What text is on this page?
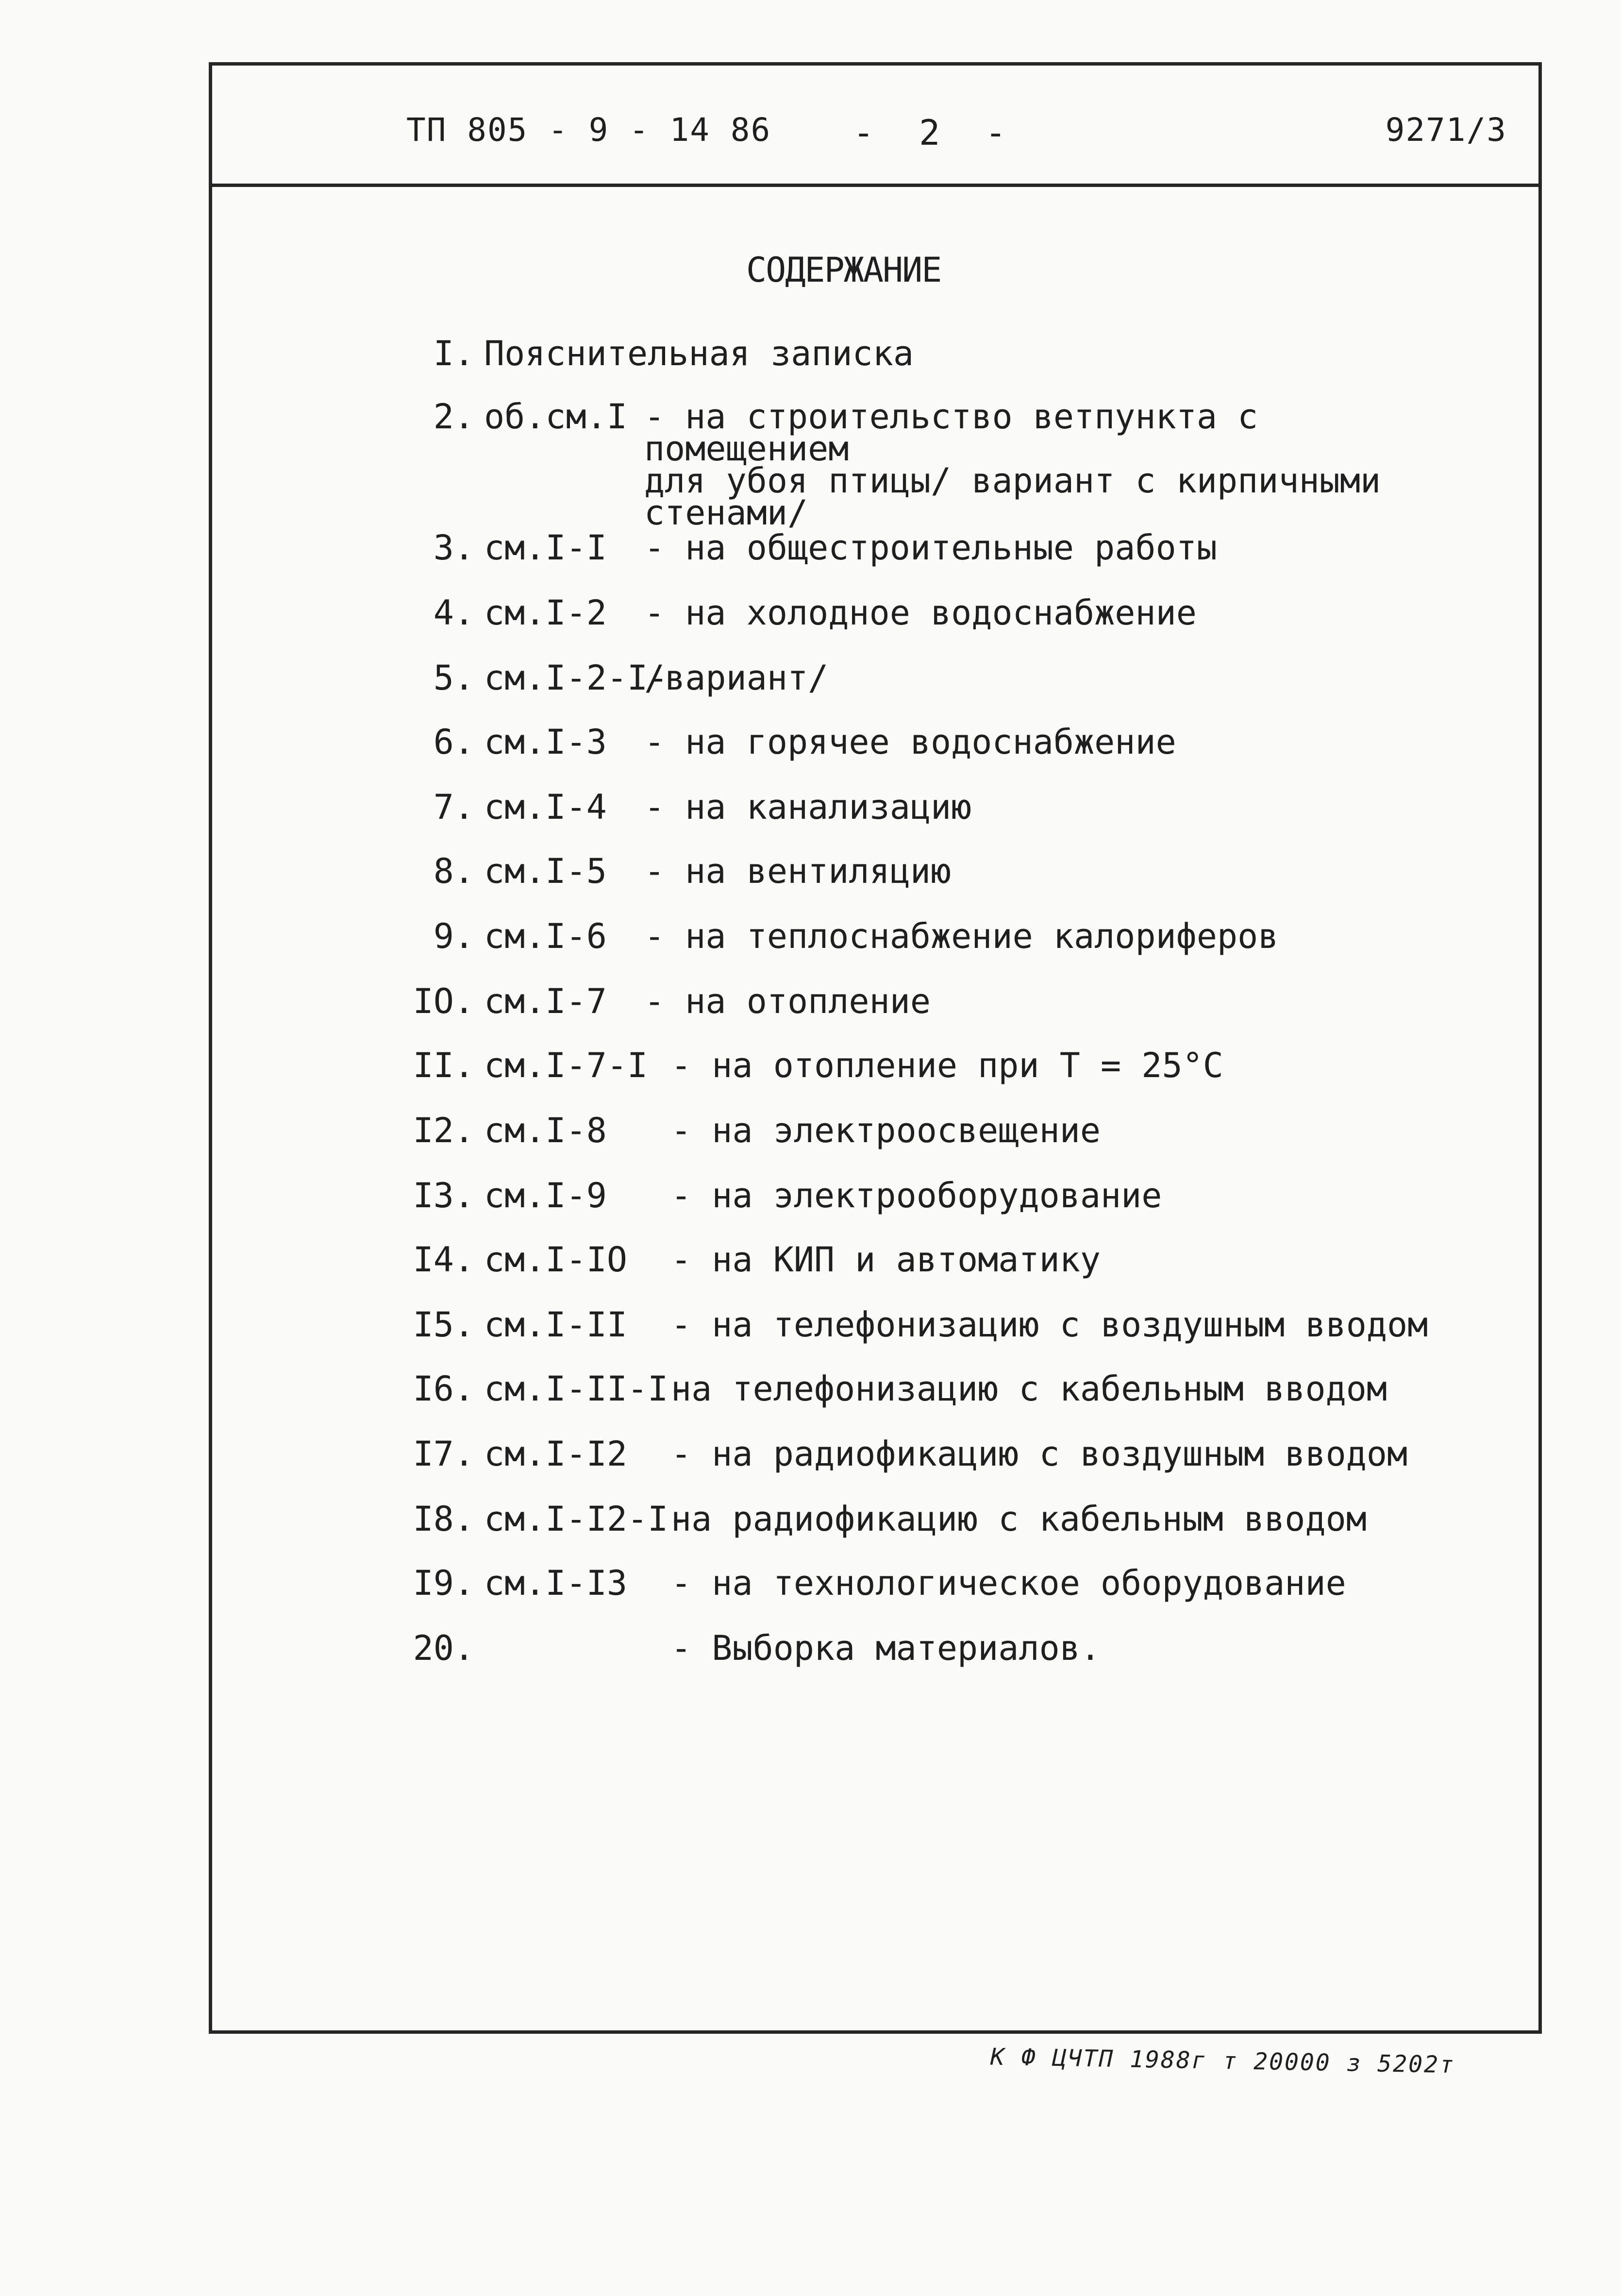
ТП 805 - 9 - 14 86 -  2  -	9271/3
СОДЕРЖАНИЕ
I. Пояснительная записка
2. об.см.I - на строительство ветпункта с помещением
для убоя птицы/ вариант с кирпичными
стенами/
3. см.I-I - на общестроительные работы
4. см.I-2 - на холодное водоснабжение
5. см.I-2-I-
/вариант/
6. см.I-3 - на горячее водоснабжение
7. см.I-4 - на канализацию
8. см.I-5 - на вентиляцию
9. см.I-6 - на теплоснабжение калориферов
IO. см.I-7 - на отопление
II. см.I-7-I - на отопление при Т = 25°С
I2. см.I-8 - на электроосвещение
I3. см.I-9 - на электрооборудование
I4. см.I-IO - на КИП и автоматику
I5. см.I-II - на телефонизацию с воздушным вводом
I6. см.I-II-I-
на телефонизацию с кабельным вводом
I7. см.I-I2 - на радиофикацию с воздушным вводом
I8. см.I-I2-I-
на радиофикацию с кабельным вводом
I9. см.I-I3 - на технологическое оборудование
20.	- Выборка материалов.
К Ф ЦЧТП 1988г т 20000 з 5202т
